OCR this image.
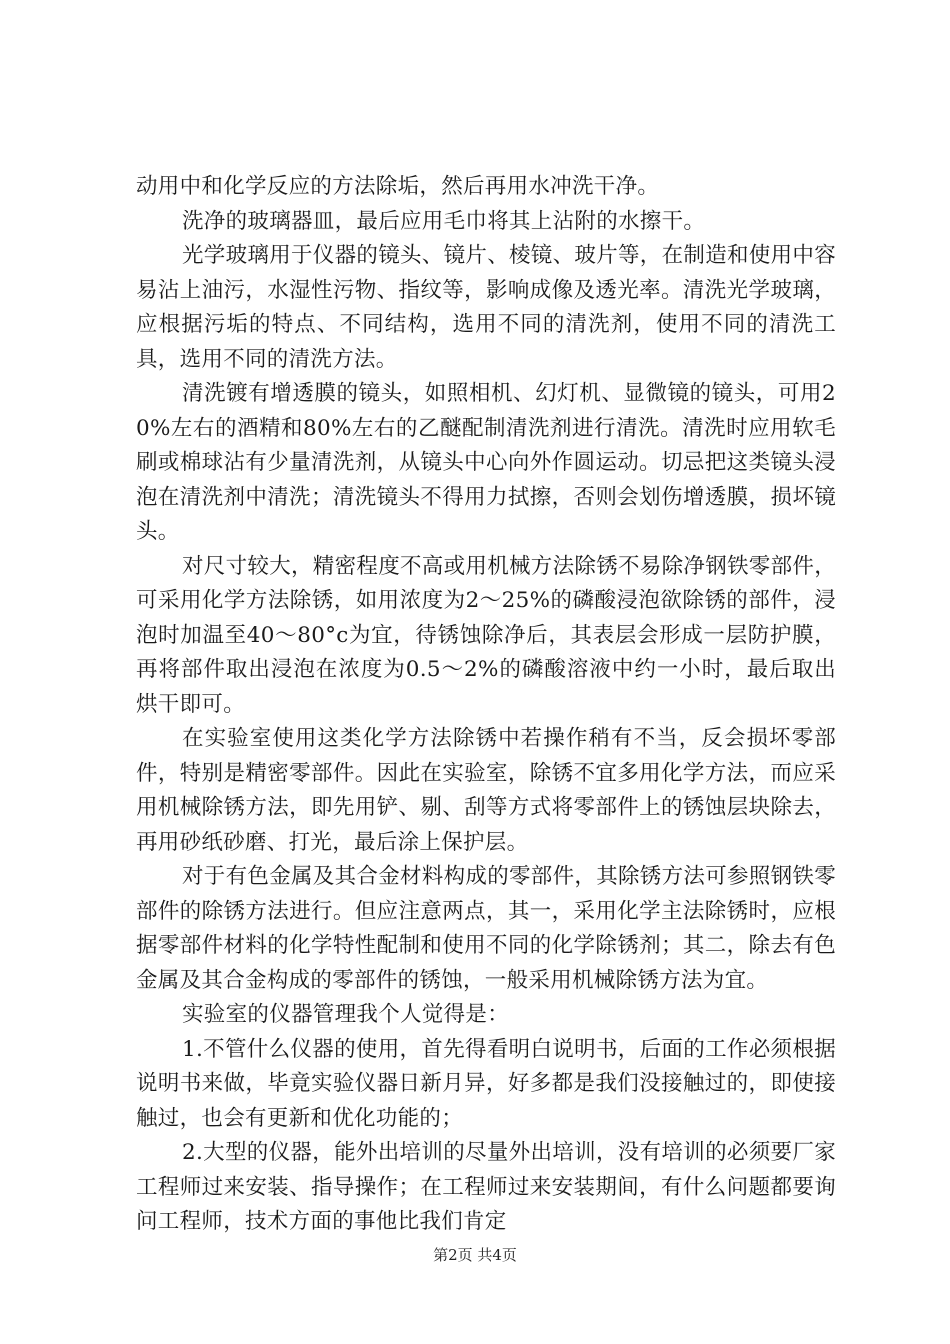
动用中和化学反应的方法除垢，然后再用水冲洗干净。

洗净的玻璃器皿，最后应用毛巾将其上沾附的水擦干。

光学玻璃用于仪器的镜头、镜片、棱镜、玻片等，在制造和使用中容易沾上油污，水湿性污物、指纹等，影响成像及透光率。清洗光学玻璃，应根据污垢的特点、不同结构，选用不同的清洗剂，使用不同的清洗工具，选用不同的清洗方法。

清洗镀有增透膜的镜头，如照相机、幻灯机、显微镜的镜头，可用20%左右的酒精和80%左右的乙醚配制清洗剂进行清洗。清洗时应用软毛刷或棉球沾有少量清洗剂，从镜头中心向外作圆运动。切忌把这类镜头浸泡在清洗剂中清洗；清洗镜头不得用力拭擦，否则会划伤增透膜，损坏镜头。

对尺寸较大，精密程度不高或用机械方法除锈不易除净钢铁零部件，可采用化学方法除锈，如用浓度为2～25%的磷酸浸泡欲除锈的部件，浸泡时加温至40～80°c为宜，待锈蚀除净后，其表层会形成一层防护膜，再将部件取出浸泡在浓度为0.5～2%的磷酸溶液中约一小时，最后取出烘干即可。

在实验室使用这类化学方法除锈中若操作稍有不当，反会损坏零部件，特别是精密零部件。因此在实验室，除锈不宜多用化学方法，而应采用机械除锈方法，即先用铲、剔、刮等方式将零部件上的锈蚀层块除去，再用砂纸砂磨、打光，最后涂上保护层。

对于有色金属及其合金材料构成的零部件，其除锈方法可参照钢铁零部件的除锈方法进行。但应注意两点，其一，采用化学主法除锈时，应根据零部件材料的化学特性配制和使用不同的化学除锈剂；其二，除去有色金属及其合金构成的零部件的锈蚀，一般采用机械除锈方法为宜。

实验室的仪器管理我个人觉得是：

1.不管什么仪器的使用，首先得看明白说明书，后面的工作必须根据说明书来做，毕竟实验仪器日新月异，好多都是我们没接触过的，即使接触过，也会有更新和优化功能的；

2.大型的仪器，能外出培训的尽量外出培训，没有培训的必须要厂家工程师过来安装、指导操作；在工程师过来安装期间，有什么问题都要询问工程师，技术方面的事他比我们肯定

第2页 共4页
